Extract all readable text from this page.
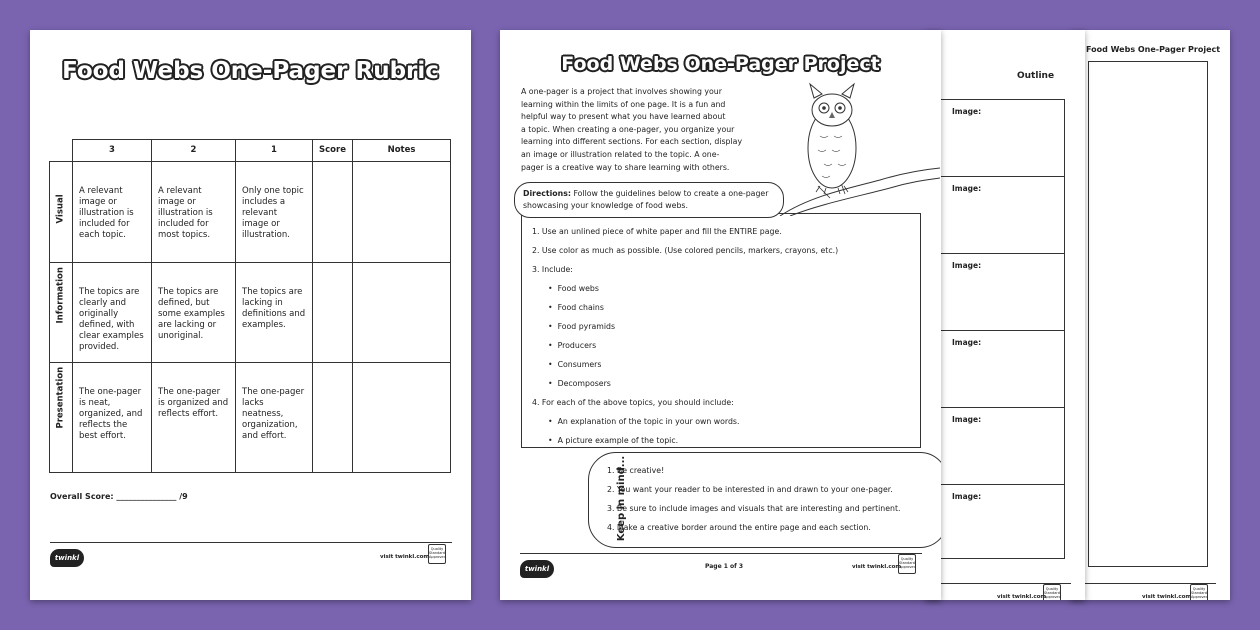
Food Webs One-Pager Project
visit twinkl.com
Quality Standard Approved
Outline
Image:
Image:
Image:
Image:
Image:
Image:
visit twinkl.com
Quality Standard Approved
Food Webs One-Pager Rubric
	3	2	1	Score	Notes

Visual	A relevant image or illustration is included for each topic.	A relevant image or illustration is included for most topics.	Only one topic includes a relevant image or illustration.		

Information	The topics are clearly and originally defined, with clear examples provided.	The topics are defined, but some examples are lacking or unoriginal.	The topics are lacking in definitions and examples.		

Presentation	The one-pager is neat, organized, and reflects the best effort.	The one-pager is organized and reflects effort.	The one-pager lacks neatness, organization, and effort.		
Overall Score: _______________ /9
twinkl	visit twinkl.com
Quality Standard Approved
Food Webs One-Pager Project
A one-pager is a project that involves showing your
learning within the limits of one page. It is a fun and
helpful way to present what you have learned about
a topic. When creating a one-pager, you organize your
learning into different sections. For each section, display
an image or illustration related to the topic. A one-
pager is a creative way to share learning with others.
1. Use an unlined piece of white paper and fill the ENTIRE page.
2. Use color as much as possible. (Use colored pencils, markers, crayons, etc.)
3. Include:
•  Food webs
•  Food chains
•  Food pyramids
•  Producers
•  Consumers
•  Decomposers
4. For each of the above topics, you should include:
•  An explanation of the topic in your own words.
•  A picture example of the topic.
Directions: Follow the guidelines below to create a one-pager
showcasing your knowledge of food webs.
Keep in mind...
1. Be creative!
2. You want your reader to be interested in and drawn to your one-pager.
3. Be sure to include images and visuals that are interesting and pertinent.
4. Make a creative border around the entire page and each section.
twinkl	Page 1 of 3	visit twinkl.com
Quality Standard Approved
